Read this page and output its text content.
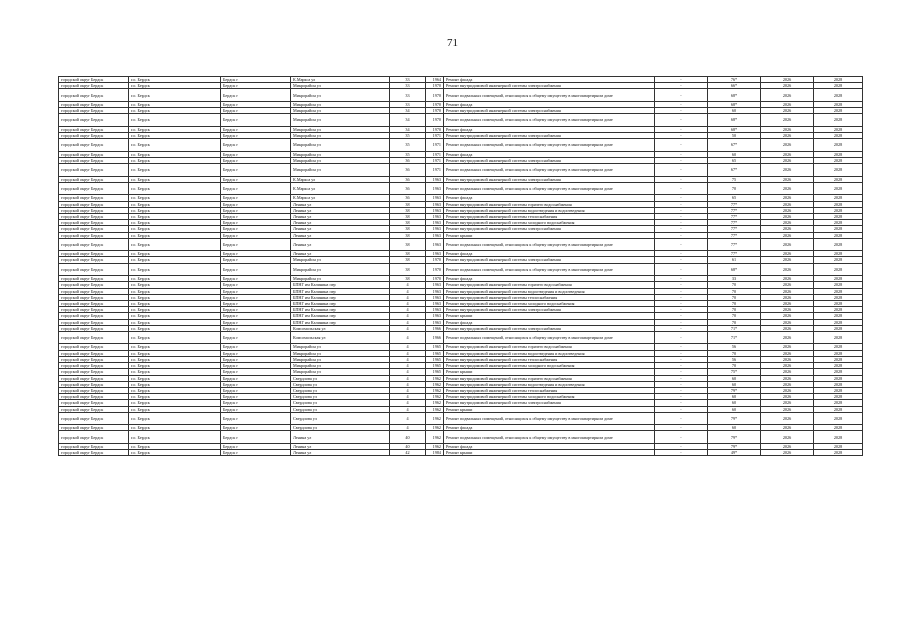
71
городской округ Бердск	г.о. Бердск	Бердск г	К.Маркса ул	33	1964	Ремонт фасада	-	76*	2026	2028
городской округ Бердск	г.о. Бердск	Бердск г	Микрорайон ул	33	1970	Ремонт внутридомовой инженерной системы электроснабжения	-	66*	2026	2028
городской округ Бердск	г.о. Бердск	Бердск г	Микрорайон ул	33	1970	Ремонт подвальных помещений, относящихся к общему имуществу в многоквартирном доме	-	68*	2026	2028
городской округ Бердск	г.о. Бердск	Бердск г	Микрорайон ул	33	1970	Ремонт фасада	-	68*	2026	2028
городской округ Бердск	г.о. Бердск	Бердск г	Микрорайон ул	34	1970	Ремонт внутридомовой инженерной системы электроснабжения	-	60	2026	2028
городской округ Бердск	г.о. Бердск	Бердск г	Микрорайон ул	34	1970	Ремонт подвальных помещений, относящихся к общему имуществу в многоквартирном доме	-	68*	2026	2028
городской округ Бердск	г.о. Бердск	Бердск г	Микрорайон ул	34	1970	Ремонт фасада	-	68*	2026	2028
городской округ Бердск	г.о. Бердск	Бердск г	Микрорайон ул	35	1971	Ремонт внутридомовой инженерной системы электроснабжения	-	50	2026	2028
городской округ Бердск	г.о. Бердск	Бердск г	Микрорайон ул	35	1971	Ремонт подвальных помещений, относящихся к общему имуществу в многоквартирном доме	-	67*	2026	2028
городской округ Бердск	г.о. Бердск	Бердск г	Микрорайон ул	35	1971	Ремонт фасада	-	60	2026	2028
городской округ Бердск	г.о. Бердск	Бердск г	Микрорайон ул	36	1971	Ремонт внутридомовой инженерной системы электроснабжения	-	65	2026	2028
городской округ Бердск	г.о. Бердск	Бердск г	Микрорайон ул	36	1971	Ремонт подвальных помещений, относящихся к общему имуществу в многоквартирном доме	-	67*	2026	2028
городской округ Бердск	г.о. Бердск	Бердск г	К.Маркса ул	36	1963	Ремонт внутридомовой инженерной системы электроснабжения	-	75	2026	2028
городской округ Бердск	г.о. Бердск	Бердск г	К.Маркса ул	36	1963	Ремонт подвальных помещений, относящихся к общему имуществу в многоквартирном доме	-	70	2026	2028
городской округ Бердск	г.о. Бердск	Бердск г	К.Маркса ул	36	1963	Ремонт фасада	-	65	2026	2028
городской округ Бердск	г.о. Бердск	Бердск г	Ленина ул	38	1963	Ремонт внутридомовой инженерной системы горячего водоснабжения	-	77*	2026	2028
городской округ Бердск	г.о. Бердск	Бердск г	Ленина ул	38	1963	Ремонт внутридомовой инженерной системы водоотведения и водоотведения	-	77*	2026	2028
городской округ Бердск	г.о. Бердск	Бердск г	Ленина ул	38	1963	Ремонт внутридомовой инженерной системы теплоснабжения	-	77*	2026	2028
городской округ Бердск	г.о. Бердск	Бердск г	Ленина ул	38	1963	Ремонт внутридомовой инженерной системы холодного водоснабжения	-	77*	2026	2028
городской округ Бердск	г.о. Бердск	Бердск г	Ленина ул	38	1963	Ремонт внутридомовой инженерной системы электроснабжения	-	77*	2026	2028
городской округ Бердск	г.о. Бердск	Бердск г	Ленина ул	38	1963	Ремонт крыши	-	77*	2026	2028
городской округ Бердск	г.о. Бердск	Бердск г	Ленина ул	38	1963	Ремонт подвальных помещений, относящихся к общему имуществу в многоквартирном доме	-	77*	2026	2028
городской округ Бердск	г.о. Бердск	Бердск г	Ленина ул	38	1963	Ремонт фасада	-	77*	2026	2028
городской округ Бердск	г.о. Бердск	Бердск г	Микрорайон ул	38	1970	Ремонт внутридомовой инженерной системы электроснабжения	-	61	2026	2028
городской округ Бердск	г.о. Бердск	Бердск г	Микрорайон ул	38	1970	Ремонт подвальных помещений, относящихся к общему имуществу в многоквартирном доме	-	68*	2026	2028
городской округ Бердск	г.о. Бердск	Бердск г	Микрорайон ул	38	1970	Ремонт фасада	-	33	2026	2028
городской округ Бердск	г.о. Бердск	Бердск г	БПНГ им Калинина пер	4	1963	Ремонт внутридомовой инженерной системы горячего водоснабжения	-	70	2026	2028
городской округ Бердск	г.о. Бердск	Бердск г	БПНГ им Калинина пер	4	1963	Ремонт внутридомовой инженерной системы водоотведения и водоотведения	-	70	2026	2028
городской округ Бердск	г.о. Бердск	Бердск г	БПНГ им Калинина пер	4	1963	Ремонт внутридомовой инженерной системы теплоснабжения	-	70	2026	2028
городской округ Бердск	г.о. Бердск	Бердск г	БПНГ им Калинина пер	4	1963	Ремонт внутридомовой инженерной системы холодного водоснабжения	-	70	2026	2028
городской округ Бердск	г.о. Бердск	Бердск г	БПНГ им Калинина пер	4	1963	Ремонт внутридомовой инженерной системы электроснабжения	-	70	2026	2028
городской округ Бердск	г.о. Бердск	Бердск г	БПНГ им Калинина пер	4	1963	Ремонт крыши	-	70	2026	2028
городской округ Бердск	г.о. Бердск	Бердск г	БПНГ им Калинина пер	4	1963	Ремонт фасада	-	70	2026	2028
городской округ Бердск	г.о. Бердск	Бердск г	Комсомольская ул	4	1966	Ремонт внутридомовой инженерной системы электроснабжения	-	71*	2026	2028
городской округ Бердск	г.о. Бердск	Бердск г	Комсомольская ул	4	1966	Ремонт подвальных помещений, относящихся к общему имуществу в многоквартирном доме	-	71*	2026	2028
городской округ Бердск	г.о. Бердск	Бердск г	Микрорайон ул	4	1965	Ремонт внутридомовой инженерной системы горячего водоснабжения	-	56	2026	2028
городской округ Бердск	г.о. Бердск	Бердск г	Микрорайон ул	4	1965	Ремонт внутридомовой инженерной системы водоотведения и водоотведения	-	70	2026	2028
городской округ Бердск	г.о. Бердск	Бердск г	Микрорайон ул	4	1965	Ремонт внутридомовой инженерной системы теплоснабжения	-	56	2026	2028
городской округ Бердск	г.о. Бердск	Бердск г	Микрорайон ул	4	1965	Ремонт внутридомовой инженерной системы холодного водоснабжения	-	70	2026	2028
городской округ Бердск	г.о. Бердск	Бердск г	Микрорайон ул	4	1965	Ремонт крыши	-	75*	2026	2028
городской округ Бердск	г.о. Бердск	Бердск г	Свердлова ул	4	1962	Ремонт внутридомовой инженерной системы горячего водоснабжения	-	60	2026	2028
городской округ Бердск	г.о. Бердск	Бердск г	Свердлова ул	4	1962	Ремонт внутридомовой инженерной системы водоотведения и водоотведения	-	60	2026	2028
городской округ Бердск	г.о. Бердск	Бердск г	Свердлова ул	4	1962	Ремонт внутридомовой инженерной системы теплоснабжения	-	79*	2026	2028
городской округ Бердск	г.о. Бердск	Бердск г	Свердлова ул	4	1962	Ремонт внутридомовой инженерной системы холодного водоснабжения	-	60	2026	2028
городской округ Бердск	г.о. Бердск	Бердск г	Свердлова ул	4	1962	Ремонт внутридомовой инженерной системы электроснабжения	-	60	2026	2028
городской округ Бердск	г.о. Бердск	Бердск г	Свердлова ул	4	1962	Ремонт крыши	-	60	2026	2028
городской округ Бердск	г.о. Бердск	Бердск г	Свердлова ул	4	1962	Ремонт подвальных помещений, относящихся к общему имуществу в многоквартирном доме	-	79*	2026	2028
городской округ Бердск	г.о. Бердск	Бердск г	Свердлова ул	4	1962	Ремонт фасада	-	60	2026	2028
городской округ Бердск	г.о. Бердск	Бердск г	Ленина ул	40	1962	Ремонт подвальных помещений, относящихся к общему имуществу в многоквартирном доме	-	79*	2026	2028
городской округ Бердск	г.о. Бердск	Бердск г	Ленина ул	40	1962	Ремонт фасада	-	79*	2026	2028
городской округ Бердск	г.о. Бердск	Бердск г	Ленина ул	42	1984	Ремонт крыши	-	49*	2026	2028
